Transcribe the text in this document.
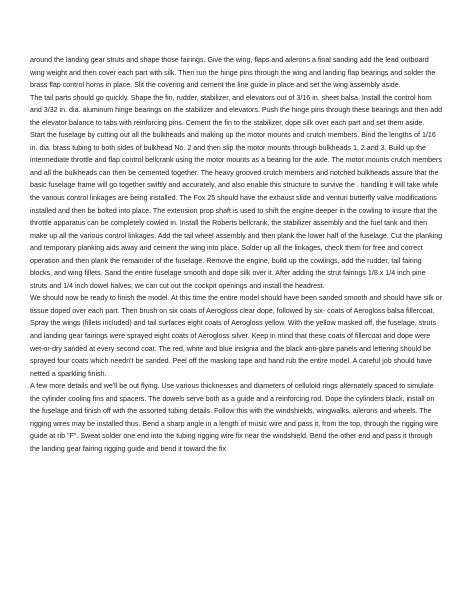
around the landing gear struts and shape those fairings. Give the wing, flaps and ailerons a final sanding add the lead outboard wing weight and then cover each part with silk. Then run the hinge pins through the wing and landing flap bearings and solder the brass flap control horns in place. Slit the covering and cement the line guide in place and set the wing assembly aside.

The tail parts should go quickly. Shape the fin, rudder, stabilizer, and elevators out of 3/16 in. sheet balsa. Install the control horn and 3/32 in. dia. aluminum hinge bearings on the stabilizer and elevators. Push the hinge pins through these bearings and then add the elevator balance to tabs with reinforcing pins. Cement the fin to the stabilizer, dope silk over each part and set them aside.

Start the fuselage by cutting out all the bulkheads and making up the motor mounts and crutch members. Bind the lengths of 1/16 in. dia. brass tubing to both sides of bulkhead No. 2 and then slip the motor mounts through bulkheads 1, 2 and 3. Build up the intermediate throttle and flap control bellcrank using the motor mounts as a bearing for the axle. The motor mounts crutch members and all the bulkheads can then be cemented together. The heavy grooved crutch members and notched bulkheads assure that the basic fuselage frame will go together swiftly and accurately, and also enable this structure to survive the . handling it will take while the various control linkages are being installed. The Fox 25 should have the exhaust slide and venturi butterfly valve modifications installed and then be bolted into place. The extension prop shaft is used to shift the engine deeper in the cowling to insure that the throttle apparatus can be completely cowled in. Install the Roberts bellcrank, the stabilizer assembly and the fuel tank and then make up all the various control linkages. Add the tail wheel assembly and then plank the lower half of the fuselage. Cut the planking and temporary planking aids away and cement the wing into place. Solder up all the linkages, check them for free and correct operation and then plank the remainder of the fuselage. Remove the engine, build up the cowlings, add the rudder, tail fairing blocks, and wing fillets. Sand the entire fuselage smooth and dope silk over it. After adding the strut fairings 1/8 x 1/4 inch pine struts and 1/4 inch dowel halves, we can cut out the cockpit openings and install the headrest.

We should now be ready to finish the model. At this time the entire model should have been sanded smooth and should have silk or tissue doped over each part. Then brush on six coats of Aerogloss clear dope, followed by six- coats of Aerogloss balsa fillercoat. Spray the wings (fillets included) and tail surfaces eight coats of Aerogloss yellow. With the yellow masked off, the fuselage, struts and landing gear fairings were sprayed eight coats of Aerogloss silver. Keep in mind that these coats of fillercoat and dope were wet-or-dry sanded at every second coat. The red, white and blue insignia and the black anti-glare panels and lettering should be sprayed four coats which needn't be sanded. Peel off the masking tape and hand rub the entire model. A careful job should have netted a sparkling finish.

A few more details and we'll be out flying. Use various thicknesses and diameters of celluloid rings alternately spaced to simulate the cylinder cooling fins and spacers. The dowels serve both as a guide and a reinforcing rod. Dope the cylinders black, install on the fuselage and finish off with the assorted tubing details. Follow this with the windshields, wingwalks, ailerons and wheels. The rigging wires may be installed thus. Bend a sharp angle in a length of music wire and pass it, from the top, through the rigging wire guide at rib "F". Sweat solder one end into the tubing rigging wire fix near the windshield. Bend the other end and pass it through the landing gear fairing rigging guide and bend it toward the fix
